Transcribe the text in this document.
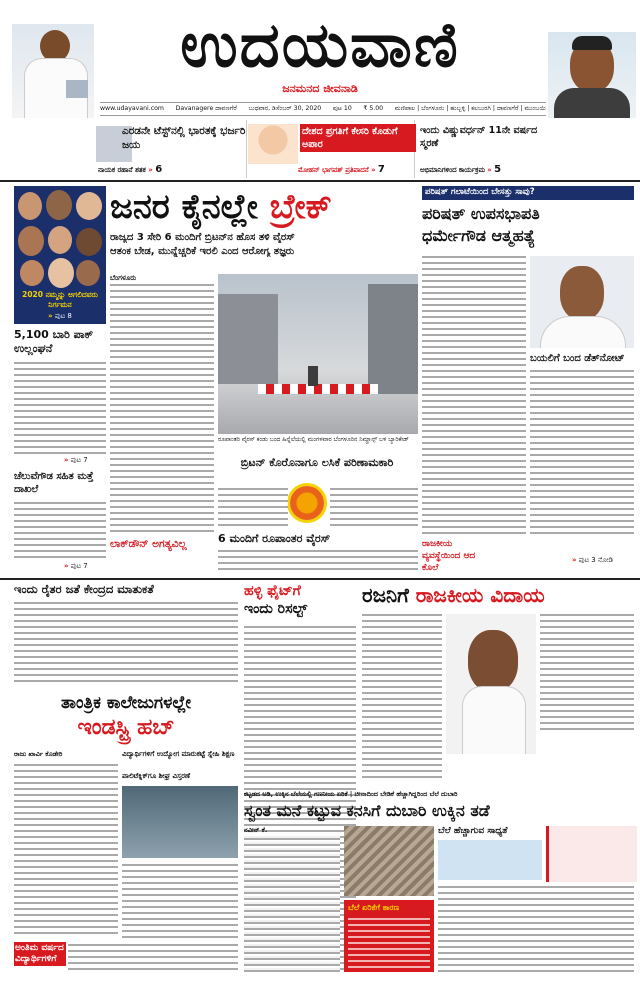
ಉದಯವಾಣಿ
ಜನಮನದ ಜೀವನಾಡಿ
www.udayavani.com Davanagere ದಾವಣಗೆರೆ ಬುಧವಾರ, ಡಿಸೆಂಬರ್ 30, 2020 ಪುಟ 10 ₹ 5.00 ಮಣಿಪಾಲ | ಬೆಂಗಳೂರು | ಹುಬ್ಬಳ್ಳಿ | ಕಲಬುರಗಿ | ದಾವಣಗೆರೆ | ಮುಂಬಯಿ
ಎರಡನೇ ಟೆಸ್ಟ್‌ನಲ್ಲಿ ಭಾರತಕ್ಕೆ ಭರ್ಜರಿ ಜಯ
ನಾಯಕ ರಹಾನೆ ಶತಕ » 6
ದೇಶದ ಪ್ರಗತಿಗೆ ಕೇಸರಿ ಕೊಡುಗೆ ಅಪಾರ
ಮೋಹನ್ ಭಾಗವತ್ ಪ್ರತಿಪಾದನೆ » 7
ಇಂದು ವಿಷ್ಣುವರ್ಧನ್ 11ನೇ ವರ್ಷದ ಸ್ಮರಣೆ
ಅಭಿಮಾನಿಗಳಿಂದ ಕಾರ್ಯಕ್ರಮ » 5
2020 ನಮ್ಮನ್ನು ಅಗಲಿದವರು ನಿರ್ಗಮನ
» ಪುಟ 8
5,100 ಬಾರಿ ಪಾಕ್ ಉಲ್ಲಂಘನೆ
» ಪುಟ 7
ಚೆಲುವೆಗೌಡ ಸಹಿತ ಮತ್ತೆ ದಾಖಲೆ
» ಪುಟ 7
ಜನರ ಕೈನಲ್ಲೇ ಬ್ರೇಕ್
ರಾಜ್ಯದ 3 ಸೇರಿ 6 ಮಂದಿಗೆ ಬ್ರಿಟನ್‌ನ ಹೊಸ ತಳಿ ವೈರಸ್
ಆತಂಕ ಬೇಡ, ಮುನ್ನೆಚ್ಚರಿಕೆ ಇರಲಿ ಎಂದ ಆರೋಗ್ಯ ತಜ್ಞರು
ಬೆಂಗಳೂರು
ರೂಪಾಂತರಿ ವೈರಸ್ ಕಂಡು ಬಂದ ಹಿನ್ನೆಲೆಯಲ್ಲಿ ಮಂಗಳವಾರ ಬೆಂಗಳೂರಿನ ನಿಮ್ಹಾನ್ಸ್ ಬಳಿ ಬ್ಯಾರಿಕೇಡ್
ಬ್ರಿಟನ್ ಕೊರೊನಾಗೂ ಲಸಿಕೆ ಪರಿಣಾಮಕಾರಿ
6 ಮಂದಿಗೆ ರೂಪಾಂತರ ವೈರಸ್
ಲಾಕ್‌ಡೌನ್ ಅಗತ್ಯವಿಲ್ಲ
ಪರಿಷತ್ ಗಲಾಟೆಯಿಂದ ಬೇಸತ್ತು ಸಾವು?
ಪರಿಷತ್ ಉಪಸಭಾಪತಿ
ಧರ್ಮೇಗೌಡ ಆತ್ಮಹತ್ಯೆ
ಬಯಲಿಗೆ ಬಂದ ಡೆತ್‌ನೋಟ್
ರಾಜಕೀಯ ವ್ಯವಸ್ಥೆಯಿಂದ ಆದ ಕೊಲೆ
» ಪುಟ 3 ನೋಡಿ
ಇಂದು ರೈತರ ಜತೆ ಕೇಂದ್ರದ ಮಾತುಕತೆ	ಹಳ್ಳಿ ಫೈಟ್‌ಗೆ
ಇಂದು ರಿಸಲ್ಟ್
ರಜನಿಗೆ ರಾಜಕೀಯ ವಿದಾಯ
ತಾಂತ್ರಿಕ ಕಾಲೇಜುಗಳಲ್ಲೇ
ಇಂಡಸ್ಟ್ರಿ ಹಬ್
ರಾಜು ಖಾರ್ವಿ ಕೊಡೇರಿ	ವಿದ್ಯಾರ್ಥಿಗಳಿಗೆ ಉದ್ಯೋಗ ಮಾರುಕಟ್ಟೆ ಸ್ನೇಹಿ ಶಿಕ್ಷಣ
ಪಾಲಿಟೆಕ್ನಿಕ್‌ಗೂ ಶೀಘ್ರ ವಿಸ್ತರಣೆ
ಅಂತಿಮ ವರ್ಷದ ವಿದ್ಯಾರ್ಥಿಗಳಿಗೆ
ಕಟ್ಟಡದ ಅಡಿ, ಉಕ್ಕಿನ ಬೆಲೆಯಲ್ಲಿ ಗಣನೀಯ ಏರಿಕೆ | ಚೀನಾದಿಂದ ಬೇಡಿಕೆ ಹೆಚ್ಚಾಗಿದ್ದರಿಂದ ಬೆಲೆ ದುಬಾರಿ
ಸ್ವಂತ ಮನೆ ಕಟ್ಟುವ ಕನಸಿಗೆ ದುಬಾರಿ ಉಕ್ಕಿನ ತಡೆ
ನವೀನ್ ಕೆ.
ಬೆಲೆ ಏರಿಕೆಗೆ ಕಾರಣ
ಬೆಲೆ ಹೆಚ್ಚಾಗುವ ಸಾಧ್ಯತೆ
